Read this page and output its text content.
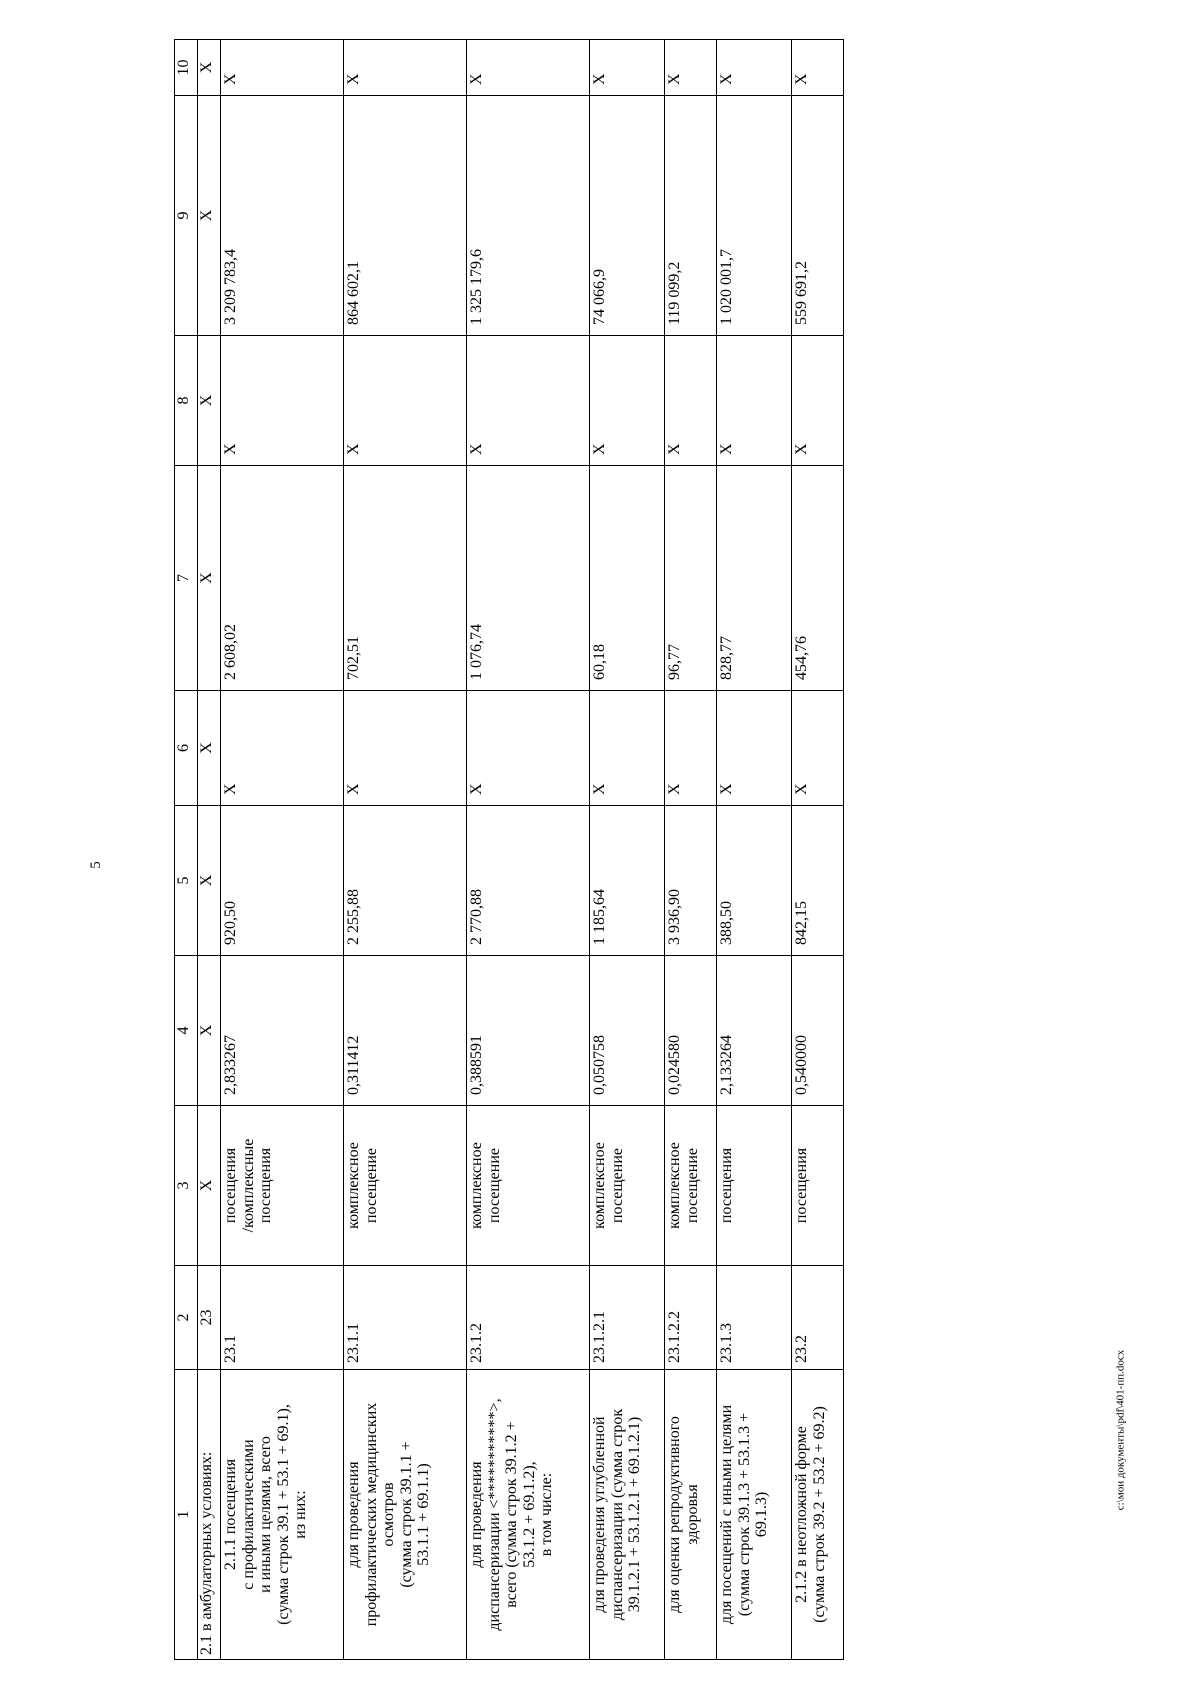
5
1	2	3	4	5	6	7	8	9	10
2.1 в амбулаторных условиях:	23	X	X	X	X	X	X	X	X
2.1.1 посещения
с профилактическими
и иными целями, всего
(сумма строк 39.1 + 53.1 + 69.1),
из них:	23.1	посещения
/комплексные
посещения	2,833267	920,50	X	2 608,02	X	3 209 783,4	X
для проведения
профилактических медицинских
осмотров
(сумма строк 39.1.1 +
53.1.1 + 69.1.1)	23.1.1	комплексное
посещение	0,311412	2 255,88	X	702,51	X	864 602,1	X
для проведения
диспансеризации <***********>,
всего (сумма строк 39.1.2 +
53.1.2 + 69.1.2),
в том числе:	23.1.2	комплексное
посещение	0,388591	2 770,88	X	1 076,74	X	1 325 179,6	X
для проведения углубленной
диспансеризации (сумма строк
39.1.2.1 + 53.1.2.1 + 69.1.2.1)	23.1.2.1	комплексное
посещение	0,050758	1 185,64	X	60,18	X	74 066,9	X
для оценки репродуктивного
здоровья	23.1.2.2	комплексное
посещение	0,024580	3 936,90	X	96,77	X	119 099,2	X
для посещений с иными целями
(сумма строк 39.1.3 + 53.1.3 +
69.1.3)	23.1.3	посещения	2,133264	388,50	X	828,77	X	1 020 001,7	X
2.1.2 в неотложной форме
(сумма строк 39.2 + 53.2 + 69.2)	23.2	посещения	0,540000	842,15	X	454,76	X	559 691,2	X
c:\мои документы\pdf\401-пп.docx
